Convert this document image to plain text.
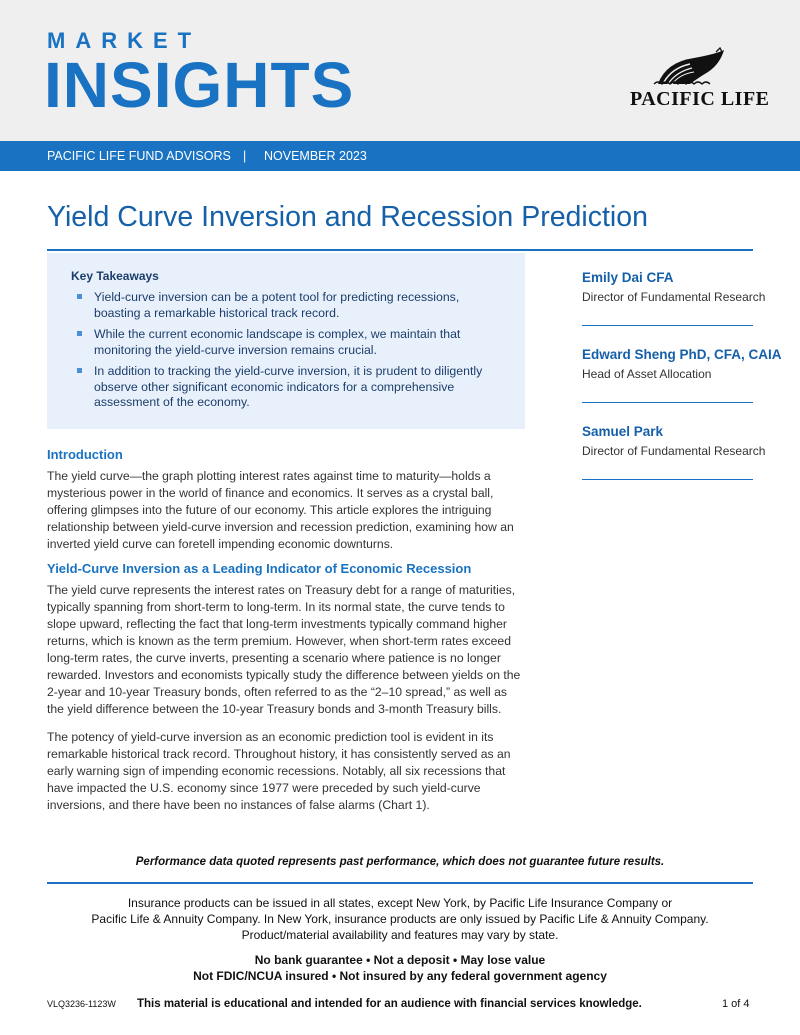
MARKET
INSIGHTS	PACIFIC LIFE
PACIFIC LIFE FUND ADVISORS | NOVEMBER 2023
Yield Curve Inversion and Recession Prediction
Key Takeaways
Yield-curve inversion can be a potent tool for predicting recessions, boasting a remarkable historical track record.
While the current economic landscape is complex, we maintain that monitoring the yield-curve inversion remains crucial.
In addition to tracking the yield-curve inversion, it is prudent to diligently observe other significant economic indicators for a comprehensive assessment of the economy.
Emily Dai CFA
Director of Fundamental Research
Edward Sheng PhD, CFA, CAIA
Head of Asset Allocation
Samuel Park
Director of Fundamental Research
Introduction

The yield curve—the graph plotting interest rates against time to maturity—holds a mysterious power in the world of finance and economics. It serves as a crystal ball, offering glimpses into the future of our economy. This article explores the intriguing relationship between yield-curve inversion and recession prediction, examining how an inverted yield curve can foretell impending economic downturns.

Yield-Curve Inversion as a Leading Indicator of Economic Recession

The yield curve represents the interest rates on Treasury debt for a range of maturities, typically spanning from short-term to long-term. In its normal state, the curve tends to slope upward, reflecting the fact that long-term investments typically command higher returns, which is known as the term premium. However, when short-term rates exceed long-term rates, the curve inverts, presenting a scenario where patience is no longer rewarded. Investors and economists typically study the difference between yields on the 2-year and 10-year Treasury bonds, often referred to as the “2–10 spread,” as well as the yield difference between the 10-year Treasury bonds and 3-month Treasury bills.

The potency of yield-curve inversion as an economic prediction tool is evident in its remarkable historical track record. Throughout history, it has consistently served as an early warning sign of impending economic recessions. Notably, all six recessions that have impacted the U.S. economy since 1977 were preceded by such yield-curve inversions, and there have been no instances of false alarms (Chart 1).

Performance data quoted represents past performance, which does not guarantee future results.
Insurance products can be issued in all states, except New York, by Pacific Life Insurance Company or
Pacific Life & Annuity Company. In New York, insurance products are only issued by Pacific Life & Annuity Company.
Product/material availability and features may vary by state.
No bank guarantee • Not a deposit • May lose value
Not FDIC/NCUA insured • Not insured by any federal government agency
VLQ3236-1123W This material is educational and intended for an audience with financial services knowledge.	1 of 4
